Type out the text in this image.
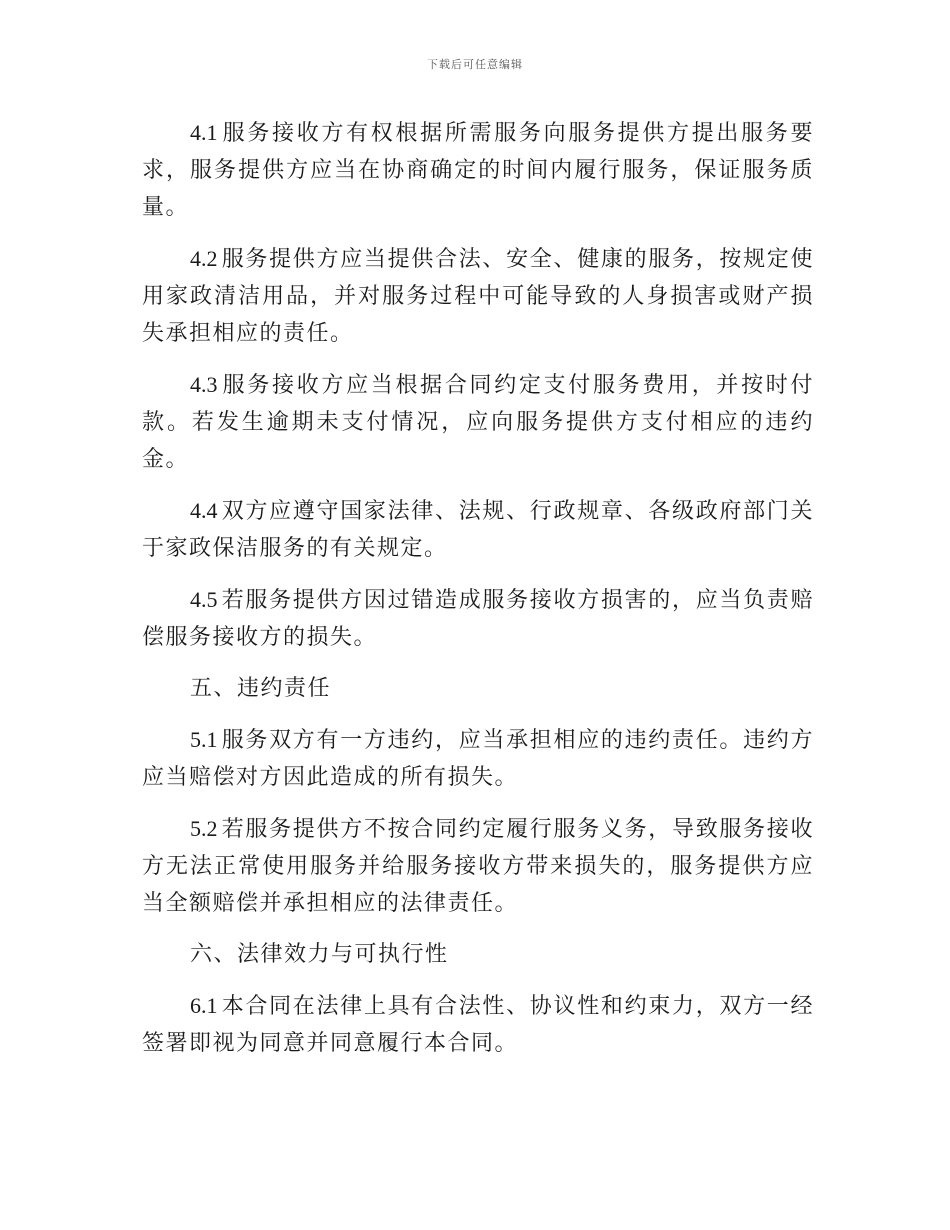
下载后可任意编辑

4.1 服务接收方有权根据所需服务向服务提供方提出服务要求，服务提供方应当在协商确定的时间内履行服务，保证服务质量。

4.2 服务提供方应当提供合法、安全、健康的服务，按规定使用家政清洁用品，并对服务过程中可能导致的人身损害或财产损失承担相应的责任。

4.3 服务接收方应当根据合同约定支付服务费用，并按时付款。若发生逾期未支付情况，应向服务提供方支付相应的违约金。

4.4 双方应遵守国家法律、法规、行政规章、各级政府部门关于家政保洁服务的有关规定。

4.5 若服务提供方因过错造成服务接收方损害的，应当负责赔偿服务接收方的损失。

五、违约责任

5.1 服务双方有一方违约，应当承担相应的违约责任。违约方应当赔偿对方因此造成的所有损失。

5.2 若服务提供方不按合同约定履行服务义务，导致服务接收方无法正常使用服务并给服务接收方带来损失的，服务提供方应当全额赔偿并承担相应的法律责任。

六、法律效力与可执行性

6.1 本合同在法律上具有合法性、协议性和约束力，双方一经签署即视为同意并同意履行本合同。
